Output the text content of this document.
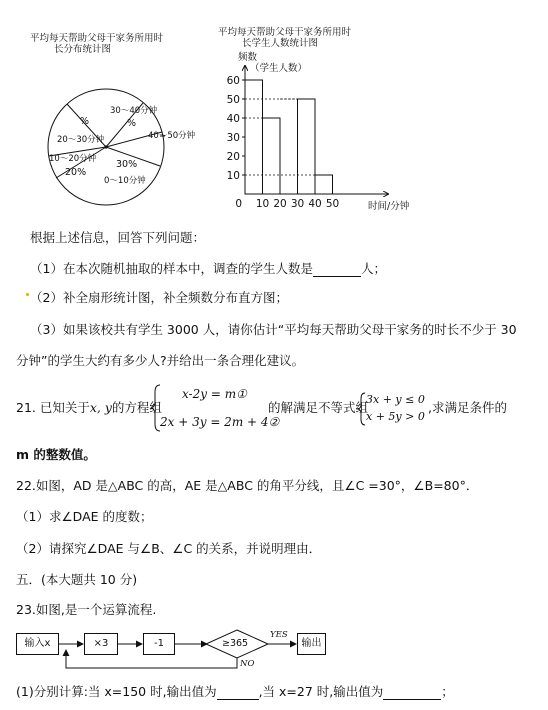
平均每天帮助父母干家务所用时
长分布统计图
30～40分钟
%
%
40～50分钟
20～30分钟
10～20分钟
20%
30%
0～10分钟
平均每天帮助父母干家务所用时
长学生人数统计图
频数
（学生人数）
10
20
30
40
50
60
0 10 20 30 40 50	时间/分钟
根据上述信息，回答下列问题：
（1）在本次随机抽取的样本中，调查的学生人数是	人；
（2）补全扇形统计图，补全频数分布直方图；
（3）如果该校共有学生 3000 人，请你估计“平均每天帮助父母干家务的时长不少于 30
分钟”的学生大约有多少人?并给出一条合理化建议。
21. 已知关于x, y的方程组
x-2y = m①
2x + 3y = 2m + 4②
的解满足不等式组
3x + y ≤ 0
x + 5y > 0
,求满足条件的
m 的整数值。
22.如图，AD 是△ABC 的高，AE 是△ABC 的角平分线，且∠C =30°，∠B=80°．
（1）求∠DAE 的度数；
（2）请探究∠DAE 与∠B、∠C 的关系，并说明理由．
五．(本大题共 10 分)
23.如图,是一个运算流程.
输入x	×3	-1	≥365
YES
输出
NO
(1)分别计算:当 x=150 时,输出值为	,当 x=27 时,输出值为	；
